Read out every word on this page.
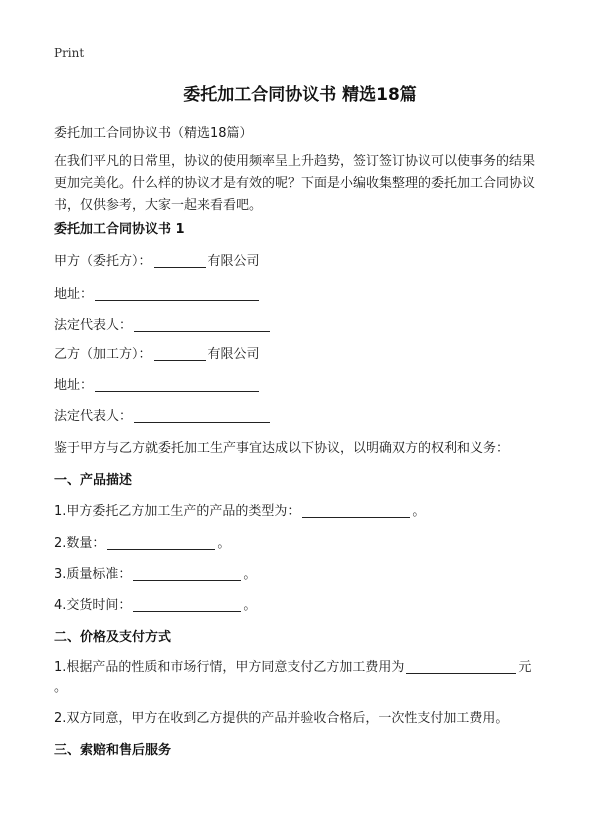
Print
委托加工合同协议书 精选18篇
委托加工合同协议书（精选18篇）
在我们平凡的日常里，协议的使用频率呈上升趋势，签订签订协议可以使事务的结果更加完美化。什么样的协议才是有效的呢？下面是小编收集整理的委托加工合同协议书，仅供参考，大家一起来看看吧。
委托加工合同协议书 1
甲方（委托方）：	有限公司
地址：
法定代表人：
乙方（加工方）：	有限公司
地址：
法定代表人：
鉴于甲方与乙方就委托加工生产事宜达成以下协议，以明确双方的权利和义务：
一、产品描述
1.甲方委托乙方加工生产的产品的类型为：	。
2.数量：	。
3.质量标准：	。
4.交货时间：	。
二、价格及支付方式
1.根据产品的性质和市场行情，甲方同意支付乙方加工费用为	元
。
2.双方同意，甲方在收到乙方提供的产品并验收合格后，一次性支付加工费用。
三、索赔和售后服务
